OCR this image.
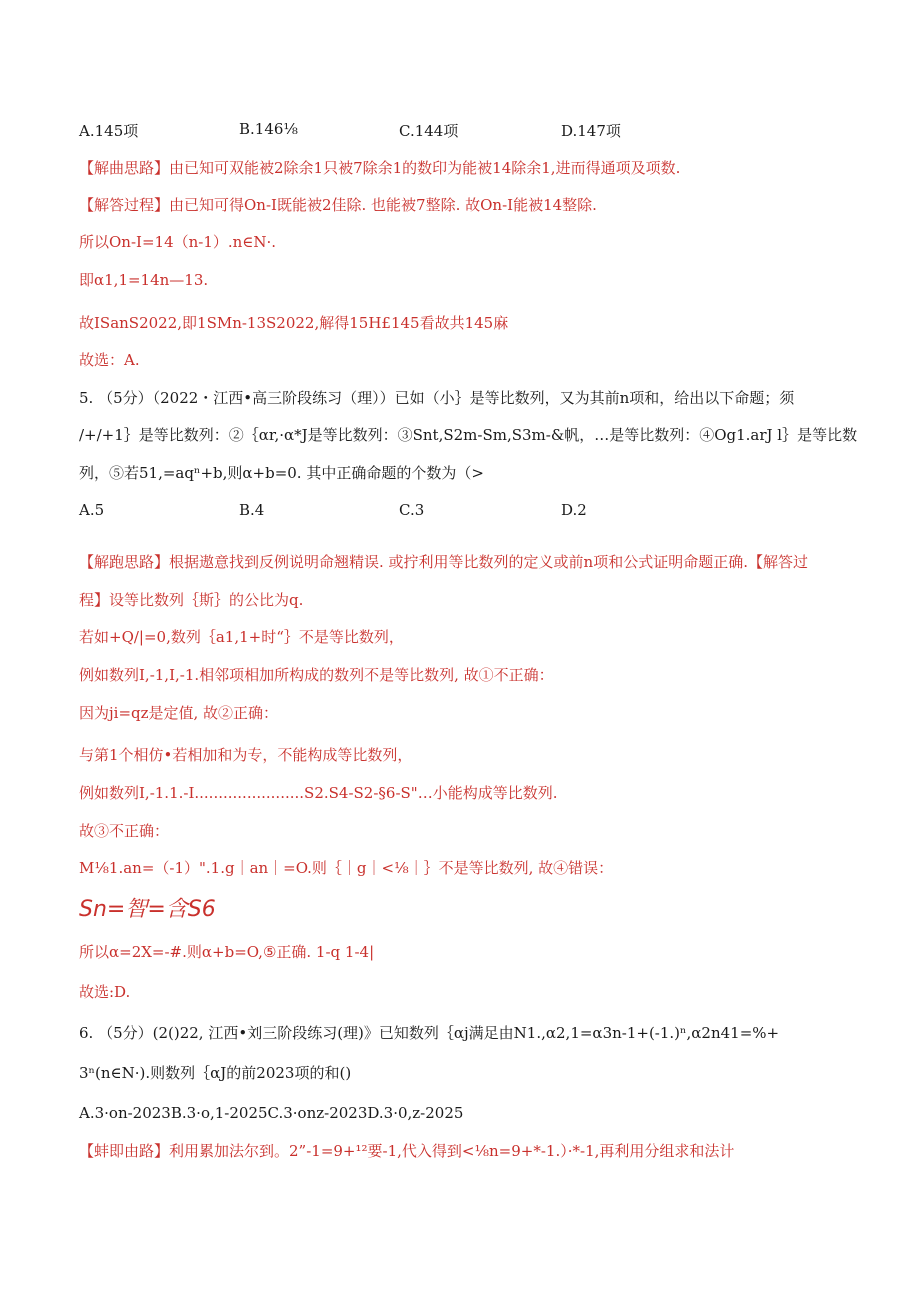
A.145项	B.146⅛	C.144项	D.147项
【解曲思路】由已知可双能被2除余1只被7除余1的数印为能被14除余1,进而得通项及项数.
【解答过程】由已知可得On-I既能被2佳除. 也能被7整除. 故On-I能被14整除.
所以On-I=14（n-1）.n∈N·.
即α1,1=14n—13.
故ISanS2022,即1SMn-13S2022,解得15H£145看故共145麻
故选：A.
5. （5分）（2022・江西•高三阶段练习（理））已如（小｝是等比数列，又为其前n项和，给出以下命题；须
/+/+1｝是等比数列：②｛αr,·α*J是等比数列：③Snt,S2m-Sm,S3m-&帆，…是等比数列：④Og1.arJ l｝是等比数
列，⑤若51,=aqⁿ+b,则α+b=0. 其中正确命题的个数为（>
A.5	B.4	C.3	D.2
【解跑思路】根据遨意找到反例说明命翘精误. 或拧利用等比数列的定义或前n项和公式证明命题正确.【解答过
程】设等比数列｛斯｝的公比为q.
若如+Q/|=0,数列｛a1,1+时“｝不是等比数列，
例如数列I,-1,I,-1.相邻项相加所构成的数列不是等比数列, 故①不正确：
因为ji=qz是定值, 故②正确：
与第1个相仿•若相加和为专，不能构成等比数列，
例如数列I,-1.1.-I.......................S2.S4-S2-§6-S"…小能构成等比数列.
故③不正确：
M⅛1.an=（-1）".1.g｜an｜=O.则｛｜g｜<⅛｜｝不是等比数列, 故④错误：
Sn=智=含S6
所以α=2X=-#.则α+b=O,⑤正确. 1-q 1-4|
故选:D.
6. （5分）(2()22, 江西•刘三阶段练习(理)》已知数列｛αj满足由N1.,α2,1=α3n-1+(-1.)ⁿ,α2n41=%+
3ⁿ(n∈N·).则数列｛αJ的前2023项的和()
A.3·on-2023B.3·o,1-2025C.3·onz-2023D.3·0,z-2025
【蚌即由路】利用累加法尔到。2”-1=9+¹²要-1,代入得到<⅛n=9+*-1.）·*-1,再利用分组求和法计
